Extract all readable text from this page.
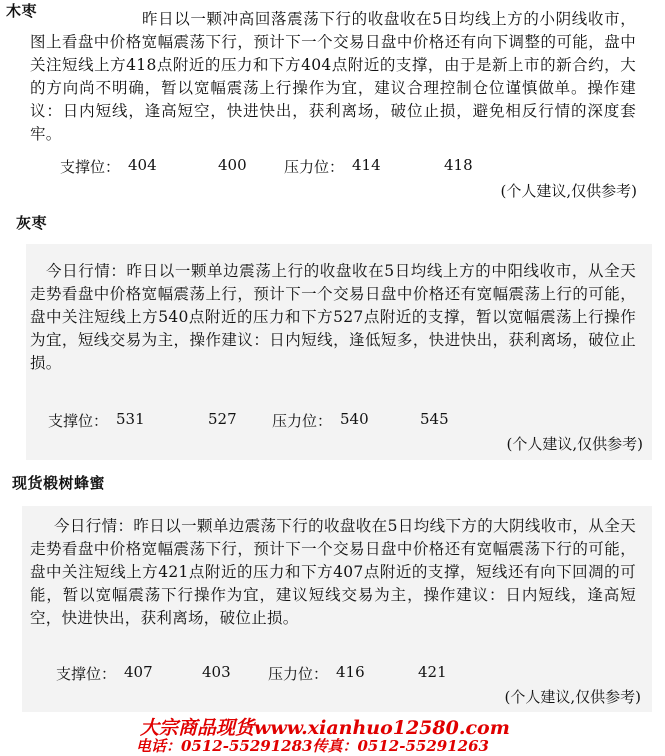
木枣	昨日以一颗冲高回落震荡下行的收盘收在5日均线上方的小阴线收市，图上看盘中价格宽幅震荡下行，预计下一个交易日盘中价格还有向下调整的可能，盘中关注短线上方418点附近的压力和下方404点附近的支撑，由于是新上市的新合约，大的方向尚不明确，暂以宽幅震荡上行操作为宜，建议合理控制仓位谨慎做单。操作建议：日内短线，逢高短空，快进快出，获利离场，破位止损，避免相反行情的深度套牢。
支撑位： 404	400 压力位： 414	418
(个人建议,仅供参考)
灰枣
今日行情：昨日以一颗单边震荡上行的收盘收在5日均线上方的中阳线收市，从全天走势看盘中价格宽幅震荡上行，预计下一个交易日盘中价格还有宽幅震荡上行的可能，盘中关注短线上方540点附近的压力和下方527点附近的支撑，暂以宽幅震荡上行操作为宜，短线交易为主，操作建议：日内短线，逢低短多，快进快出，获利离场，破位止损。
支撑位： 531	527 压力位： 540	545
(个人建议,仅供参考)
现货椴树蜂蜜
今日行情：昨日以一颗单边震荡下行的收盘收在5日均线下方的大阴线收市，从全天走势看盘中价格宽幅震荡下行，预计下一个交易日盘中价格还有宽幅震荡下行的可能，盘中关注短线上方421点附近的压力和下方407点附近的支撑，短线还有向下回凋的可能，暂以宽幅震荡下行操作为宜，建议短线交易为主，操作建议：日内短线，逢高短空，快进快出，获利离场，破位止损。
支撑位： 407	403 压力位： 416	421
(个人建议,仅供参考)
大宗商品现货www.xianhuo12580.com
电话：0512-55291283传真：0512-55291263
